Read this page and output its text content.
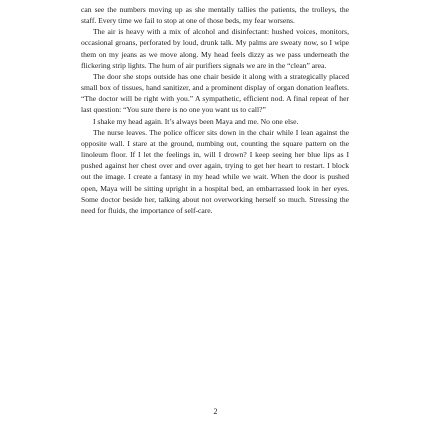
can see the numbers moving up as she mentally tallies the patients, the trolleys, the staff. Every time we fail to stop at one of those beds, my fear worsens.

The air is heavy with a mix of alcohol and disinfectant: hushed voices, monitors, occasional groans, perforated by loud, drunk talk. My palms are sweaty now, so I wipe them on my jeans as we move along. My head feels dizzy as we pass underneath the flickering strip lights. The hum of air purifiers signals we are in the “clean” area.

The door she stops outside has one chair beside it along with a strategically placed small box of tissues, hand sanitizer, and a prominent display of organ donation leaflets. “The doctor will be right with you.” A sympathetic, efficient nod. A final repeat of her last question: “You sure there is no one you want us to call?”

I shake my head again. It’s always been Maya and me. No one else.

The nurse leaves. The police officer sits down in the chair while I lean against the opposite wall. I stare at the ground, numbing out, counting the square pattern on the linoleum floor. If I let the feelings in, will I drown? I keep seeing her blue lips as I pushed against her chest over and over again, trying to get her heart to restart. I block out the image. I create a fantasy in my head while we wait. When the door is pushed open, Maya will be sitting upright in a hospital bed, an embarrassed look in her eyes. Some doctor beside her, talking about not overworking herself so much. Stressing the need for fluids, the importance of self-care.

2
